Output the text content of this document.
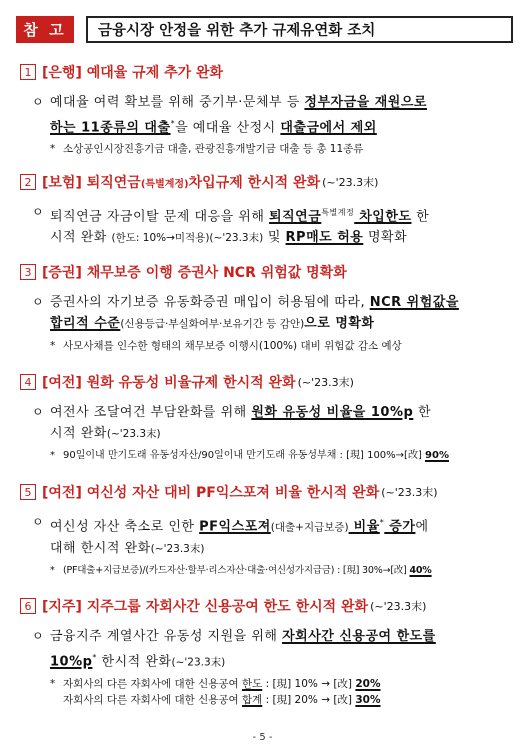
참 고	금융시장 안정을 위한 추가 규제유연화 조치
1 [은행]
예대율 규제 추가 완화
ㅇ 예대율 여력 확보를 위해 중기부·문체부 등 정부자금을 재원으로
하는 11종류의 대출*을 예대율 산정시 대출금에서 제외
* 소상공인시장진흥기금 대출, 관광진흥개발기금 대출 등 총 11종류
2 [보험]
퇴직연금 (특별계정) 차입규제 한시적 완화 (~'23.3末)
ㅇ 퇴직연금 자금이탈 문제 대응을 위해 퇴직연금$^{특별계정}$ 차입한도 한
시적 완화 (한도: 10%→미적용)(~'23.3末) 및 RP매도 허용 명확화
3 [증권]
채무보증 이행 증권사 NCR 위험값 명확화
ㅇ 증권사의 자기보증 유동화증권 매입이 허용됨에 따라, NCR 위험값을
합리적 수준(신용등급·부실화여부·보유기간 등 감안)으로 명확화
* 사모사채를 인수한 형태의 채무보증 이행시(100%) 대비 위험값 감소 예상
4 [여전]
원화 유동성 비율규제 한시적 완화 (~'23.3末)
ㅇ 여전사 조달여건 부담완화를 위해 원화 유동성 비율을 10%p 한
시적 완화(~'23.3末)
* 90일이내 만기도래 유동성자산/90일이내 만기도래 유동성부채 : [現] 100%→[改] 90%
5 [여전]
여신성 자산 대비 PF익스포져 비율 한시적 완화 (~'23.3末)
ㅇ 여신성 자산 축소로 인한 PF익스포져(대출+지급보증) 비율* 증가에
대해 한시적 완화(~'23.3末)
* (PF대출+지급보증)/(카드자산·할부·리스자산·대출·여신성가지급금) : [現] 30%→[改] 40%
6 [지주]
지주그룹 자회사간 신용공여 한도 한시적 완화 (~'23.3末)
ㅇ 금융지주 계열사간 유동성 지원을 위해 자회사간 신용공여 한도를
10%p* 한시적 완화(~'23.3末)
* 자회사의 다른 자회사에 대한 신용공여 한도 : [現] 10% → [改] 20%
자회사의 다른 자회사에 대한 신용공여 합계 : [現] 20% → [改] 30%
- 5 -
